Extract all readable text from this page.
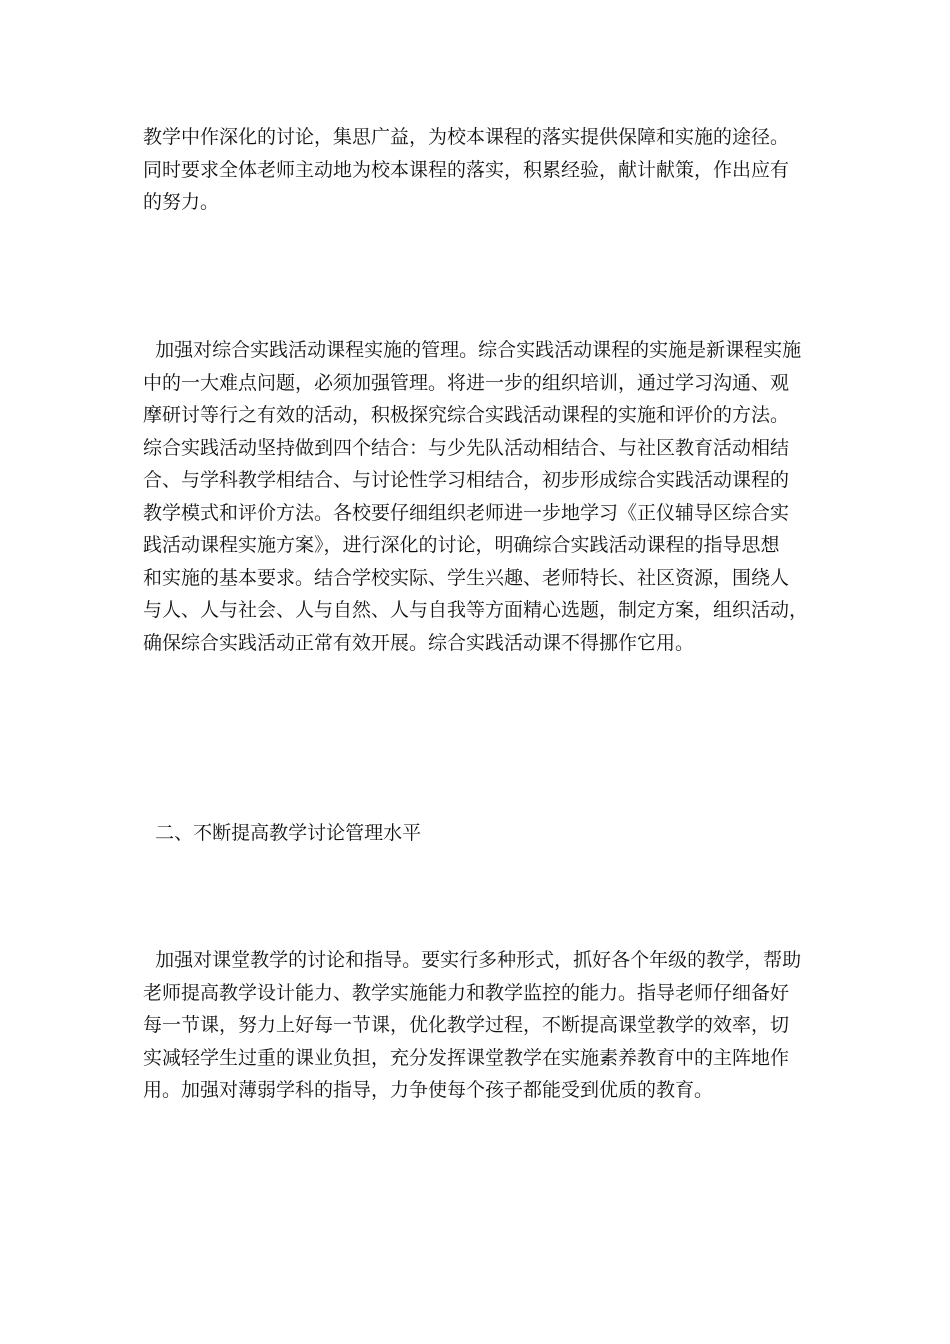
教学中作深化的讨论，集思广益，为校本课程的落实提供保障和实施的途径。
同时要求全体老师主动地为校本课程的落实，积累经验，献计献策，作出应有
的努力。
加强对综合实践活动课程实施的管理。综合实践活动课程的实施是新课程实施
中的一大难点问题，必须加强管理。将进一步的组织培训，通过学习沟通、观
摩研讨等行之有效的活动，积极探究综合实践活动课程的实施和评价的方法。
综合实践活动坚持做到四个结合：与少先队活动相结合、与社区教育活动相结
合、与学科教学相结合、与讨论性学习相结合，初步形成综合实践活动课程的
教学模式和评价方法。各校要仔细组织老师进一步地学习《正仪辅导区综合实
践活动课程实施方案》，进行深化的讨论，明确综合实践活动课程的指导思想
和实施的基本要求。结合学校实际、学生兴趣、老师特长、社区资源，围绕人
与人、人与社会、人与自然、人与自我等方面精心选题，制定方案，组织活动，
确保综合实践活动正常有效开展。综合实践活动课不得挪作它用。
二、不断提高教学讨论管理水平
加强对课堂教学的讨论和指导。要实行多种形式，抓好各个年级的教学，帮助
老师提高教学设计能力、教学实施能力和教学监控的能力。指导老师仔细备好
每一节课，努力上好每一节课，优化教学过程，不断提高课堂教学的效率，切
实减轻学生过重的课业负担，充分发挥课堂教学在实施素养教育中的主阵地作
用。加强对薄弱学科的指导，力争使每个孩子都能受到优质的教育。
